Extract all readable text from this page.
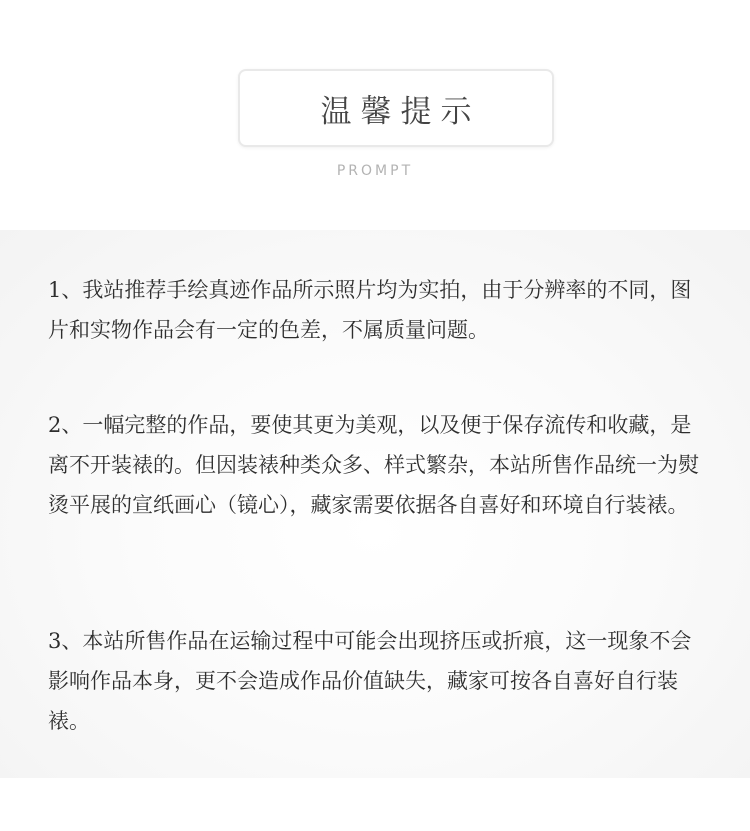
温馨提示
PROMPT

1、我站推荐手绘真迹作品所示照片均为实拍，由于分辨率的不同，图片和实物作品会有一定的色差，不属质量问题。

2、一幅完整的作品，要使其更为美观，以及便于保存流传和收藏，是离不开装裱的。但因装裱种类众多、样式繁杂，本站所售作品统一为熨烫平展的宣纸画心（镜心），藏家需要依据各自喜好和环境自行装裱。

3、本站所售作品在运输过程中可能会出现挤压或折痕，这一现象不会影响作品本身，更不会造成作品价值缺失，藏家可按各自喜好自行装裱。
